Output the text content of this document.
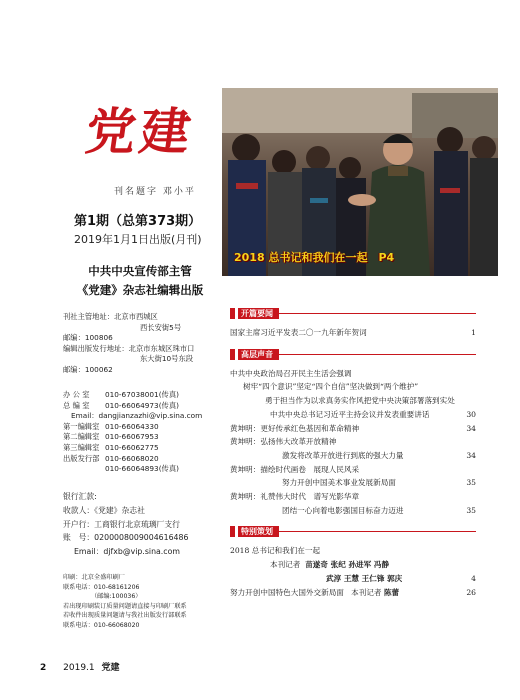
党建
刊名题字 邓小平
第1期（总第373期）
2019年1月1日出版(月刊)
中共中央宣传部主管
《党建》杂志社编辑出版
刊社主管地址： 北京市西城区
西长安街5号
邮编：100806
编辑出版发行地址： 北京市东城区珠市口
东大街10号东段
邮编：100062
办 公 室	010-67038001(传真)
总 编 室	010-66064973(传真)
Email：dangjianzazhi@vip.sina.com
第一编辑室 010-66064330
第二编辑室 010-66067953
第三编辑室 010-66062775
出版发行部 010-66068020
010-66064893(传真)
银行汇款:
收款人：《党建》杂志社
开户行：工商银行北京琉璃厂支行
账　号：0200008009004616486
Email：djfxb@vip.sina.com
印刷：北京全盛印刷厂
联系电话：010-68161206
（邮编:100036）
若出现印刷装订质量问题请直接与印刷厂联系
若收件出现质量问题请与我社出版发行部联系
联系电话：010-66068020
2018 总书记和我们在一起　P4
开篇要闻
国家主席习近平发表二〇一九年新年贺词	1
高层声音
中共中央政治局召开民主生活会强调
树牢“四个意识”坚定“四个自信”坚决做到“两个维护”
勇于担当作为以求真务实作风把党中央决策部署落到实处
中共中央总书记习近平主持会议并发表重要讲话	30
黄坤明：更好传承红色基因和革命精神	34
黄坤明：弘扬伟大改革开放精神
激发将改革开放进行到底的强大力量	34
黄坤明：描绘时代画卷　展现人民风采
努力开创中国美术事业发展新局面	35
黄坤明：礼赞伟大时代　谱写光影华章
团结一心向着电影强国目标奋力迈进	35
特别策划
2018 总书记和我们在一起
本刊记者 苗遂奇 张纪 孙进军 冯静
武淳 王慧 王仁锋 郭庆	4
努力开创中国特色大国外交新局面 本刊记者 陈蕾	26
2 2019.1 党建
